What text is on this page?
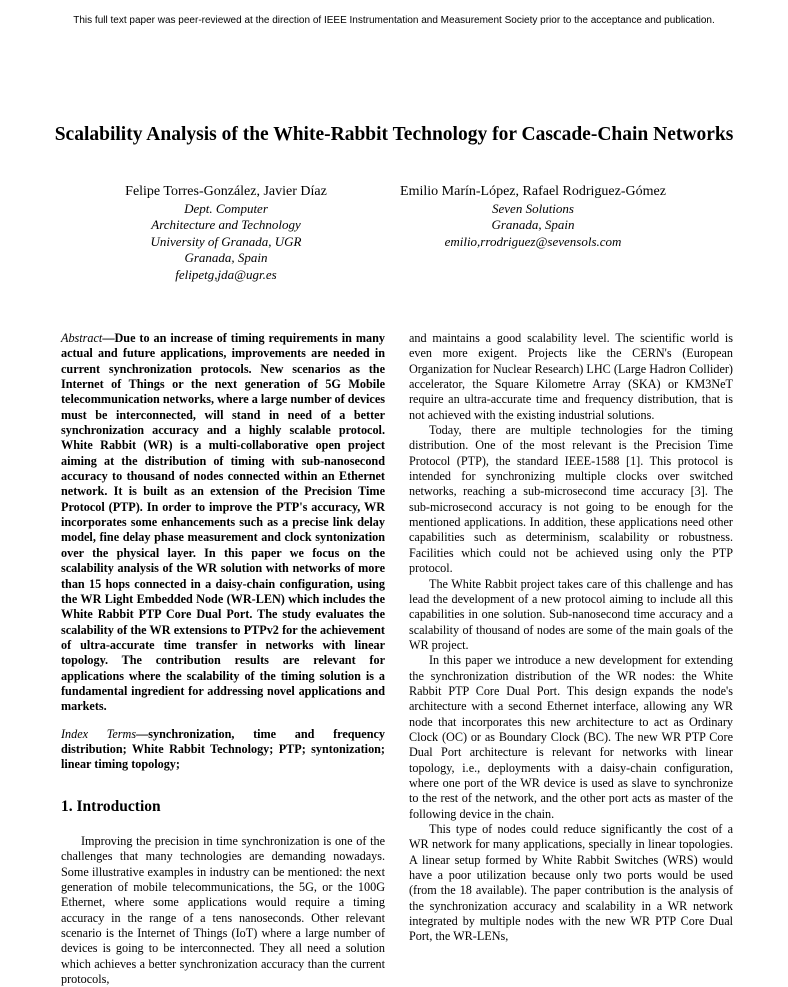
This full text paper was peer-reviewed at the direction of IEEE Instrumentation and Measurement Society prior to the acceptance and publication.
Scalability Analysis of the White-Rabbit Technology for Cascade-Chain Networks
Felipe Torres-González, Javier Díaz
Dept. Computer
Architecture and Technology
University of Granada, UGR
Granada, Spain
felipetg,jda@ugr.es
Emilio Marín-López, Rafael Rodriguez-Gómez
Seven Solutions
Granada, Spain
emilio,rrodriguez@sevensols.com

Abstract—Due to an increase of timing requirements in many actual and future applications, improvements are needed in current synchronization protocols. New scenarios as the Internet of Things or the next generation of 5G Mobile telecommunication networks, where a large number of devices must be interconnected, will stand in need of a better synchronization accuracy and a highly scalable protocol. White Rabbit (WR) is a multi-collaborative open project aiming at the distribution of timing with sub-nanosecond accuracy to thousand of nodes connected within an Ethernet network. It is built as an extension of the Precision Time Protocol (PTP). In order to improve the PTP's accuracy, WR incorporates some enhancements such as a precise link delay model, fine delay phase measurement and clock syntonization over the physical layer. In this paper we focus on the scalability analysis of the WR solution with networks of more than 15 hops connected in a daisy-chain configuration, using the WR Light Embedded Node (WR-LEN) which includes the White Rabbit PTP Core Dual Port. The study evaluates the scalability of the WR extensions to PTPv2 for the achievement of ultra-accurate time transfer in networks with linear topology. The contribution results are relevant for applications where the scalability of the timing solution is a fundamental ingredient for addressing novel applications and markets.

Index Terms—synchronization, time and frequency distribution; White Rabbit Technology; PTP; syntonization; linear timing topology;

1. Introduction

Improving the precision in time synchronization is one of the challenges that many technologies are demanding nowadays. Some illustrative examples in industry can be mentioned: the next generation of mobile telecommunications, the 5G, or the 100G Ethernet, where some applications would require a timing accuracy in the range of a tens nanoseconds. Other relevant scenario is the Internet of Things (IoT) where a large number of devices is going to be interconnected. They all need a solution which achieves a better synchronization accuracy than the current protocols,

and maintains a good scalability level. The scientific world is even more exigent. Projects like the CERN's (European Organization for Nuclear Research) LHC (Large Hadron Collider) accelerator, the Square Kilometre Array (SKA) or KM3NeT require an ultra-accurate time and frequency distribution, that is not achieved with the existing industrial solutions.

Today, there are multiple technologies for the timing distribution. One of the most relevant is the Precision Time Protocol (PTP), the standard IEEE-1588 [1]. This protocol is intended for synchronizing multiple clocks over switched networks, reaching a sub-microsecond time accuracy [3]. The sub-microsecond accuracy is not going to be enough for the mentioned applications. In addition, these applications need other capabilities such as determinism, scalability or robustness. Facilities which could not be achieved using only the PTP protocol.

The White Rabbit project takes care of this challenge and has lead the development of a new protocol aiming to include all this capabilities in one solution. Sub-nanosecond time accuracy and a scalability of thousand of nodes are some of the main goals of the WR project.

In this paper we introduce a new development for extending the synchronization distribution of the WR nodes: the White Rabbit PTP Core Dual Port. This design expands the node's architecture with a second Ethernet interface, allowing any WR node that incorporates this new architecture to act as Ordinary Clock (OC) or as Boundary Clock (BC). The new WR PTP Core Dual Port architecture is relevant for networks with linear topology, i.e., deployments with a daisy-chain configuration, where one port of the WR device is used as slave to synchronize to the rest of the network, and the other port acts as master of the following device in the chain.

This type of nodes could reduce significantly the cost of a WR network for many applications, specially in linear topologies. A linear setup formed by White Rabbit Switches (WRS) would have a poor utilization because only two ports would be used (from the 18 available). The paper contribution is the analysis of the synchronization accuracy and scalability in a WR network integrated by multiple nodes with the new WR PTP Core Dual Port, the WR-LENs,
